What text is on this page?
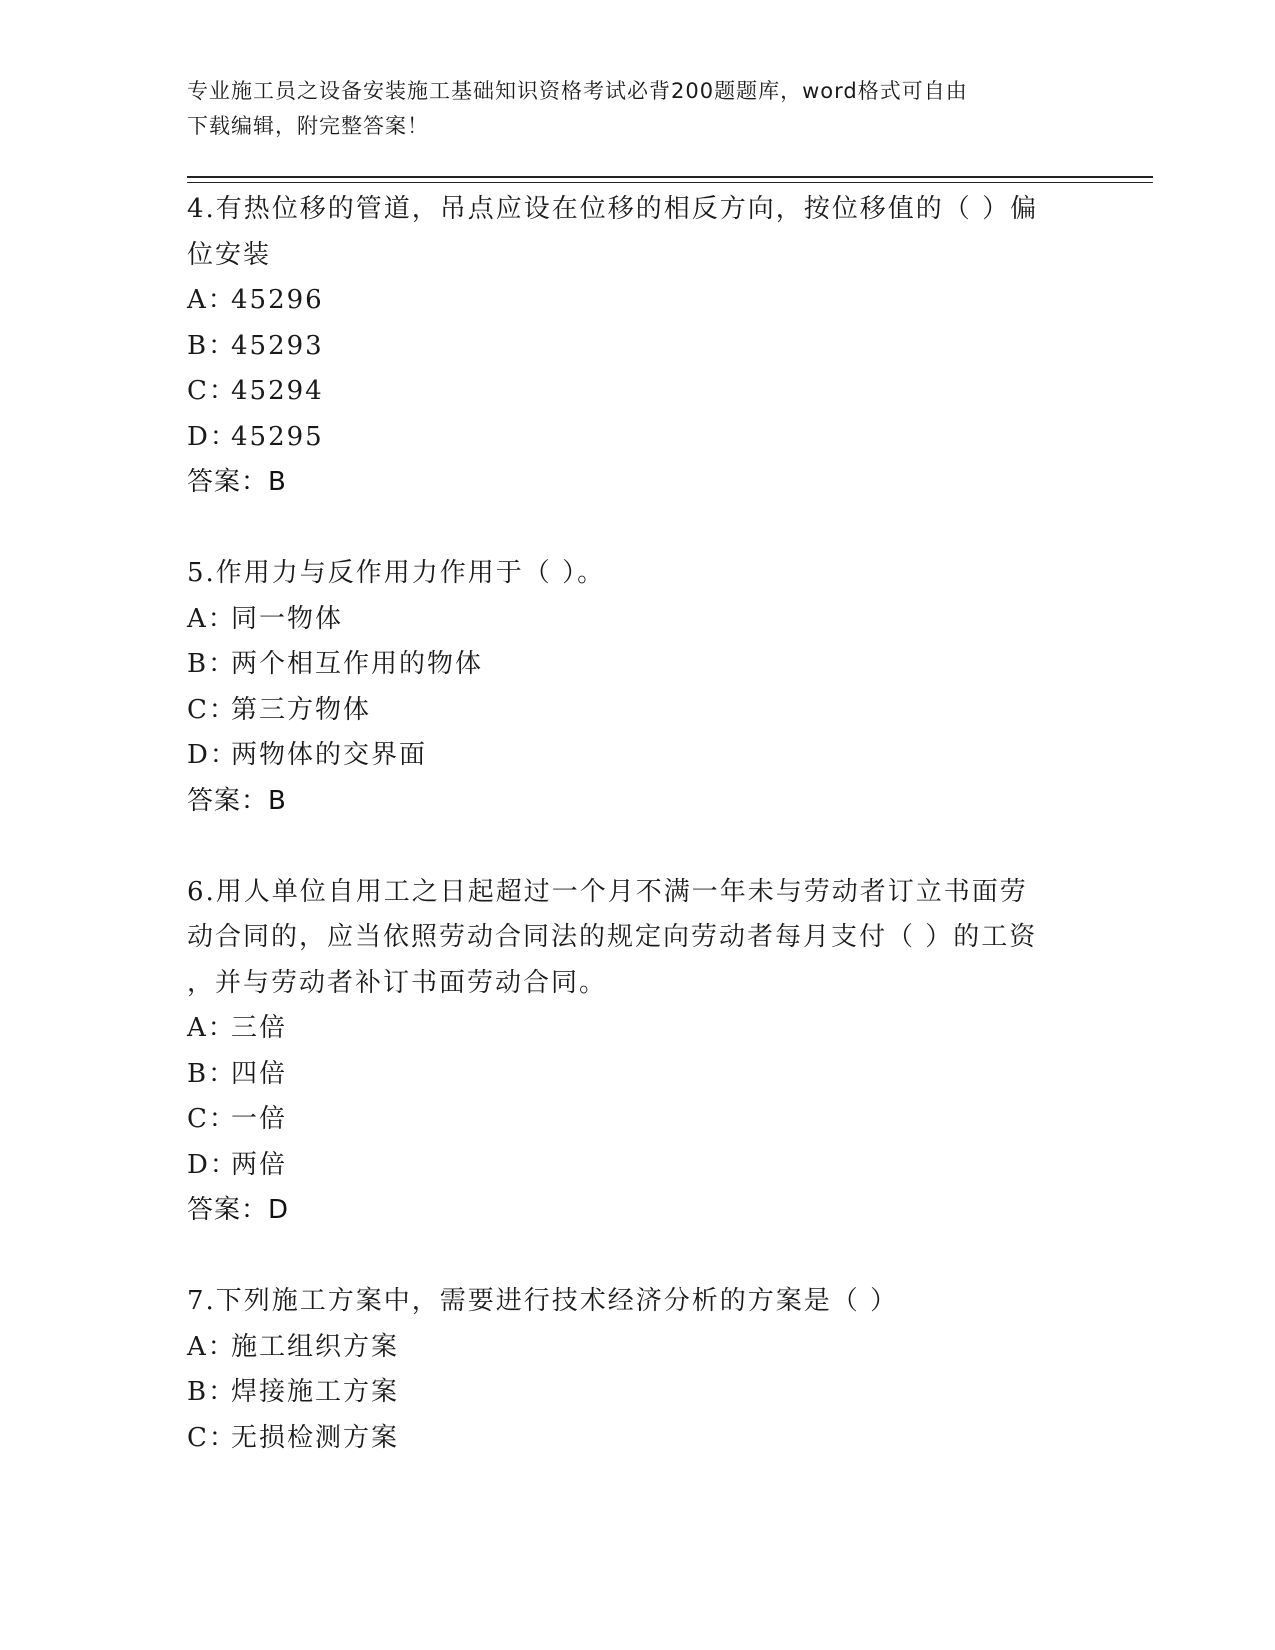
专业施工员之设备安装施工基础知识资格考试必背200题题库，word格式可自由
下载编辑，附完整答案！
4.有热位移的管道，吊点应设在位移的相反方向，按位移值的（ ）偏
位安装
A：45296
B：45293
C：45294
D：45295
答案：B
5.作用力与反作用力作用于（ ）。
A：同一物体
B：两个相互作用的物体
C：第三方物体
D：两物体的交界面
答案：B
6.用人单位自用工之日起超过一个月不满一年未与劳动者订立书面劳
动合同的，应当依照劳动合同法的规定向劳动者每月支付（ ）的工资
，并与劳动者补订书面劳动合同。
A：三倍
B：四倍
C：一倍
D：两倍
答案：D
7.下列施工方案中，需要进行技术经济分析的方案是（ ）
A：施工组织方案
B：焊接施工方案
C：无损检测方案
